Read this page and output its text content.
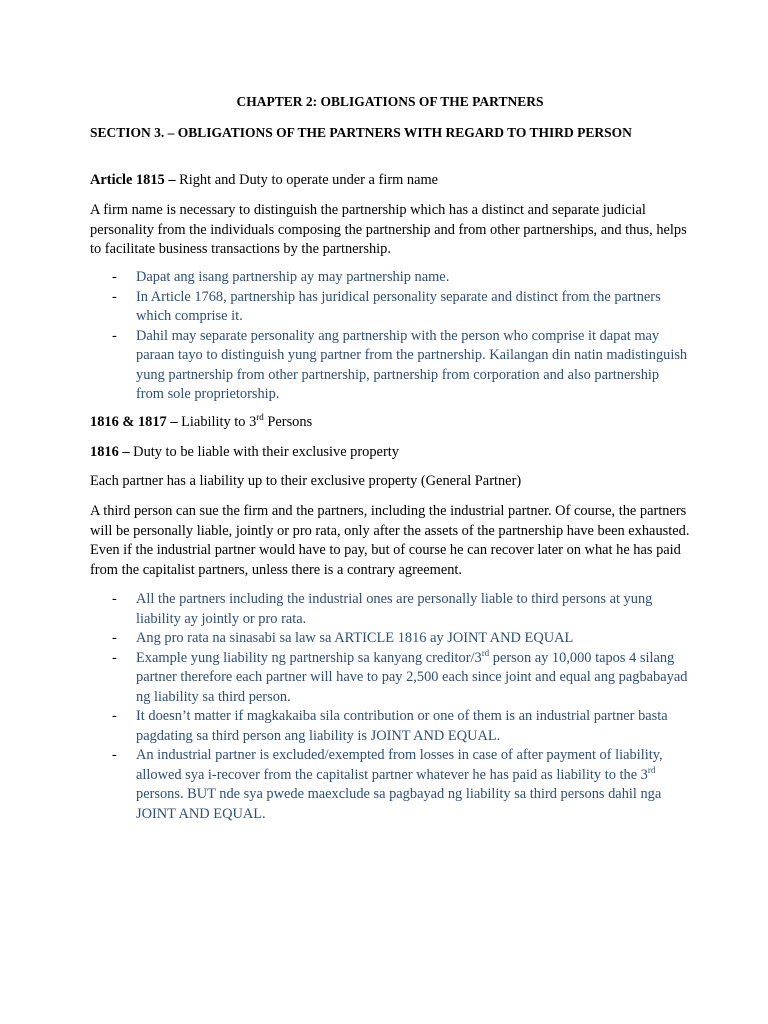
CHAPTER 2: OBLIGATIONS OF THE PARTNERS

SECTION 3. – OBLIGATIONS OF THE PARTNERS WITH REGARD TO THIRD PERSON

Article 1815 – Right and Duty to operate under a firm name

A firm name is necessary to distinguish the partnership which has a distinct and separate judicial personality from the individuals composing the partnership and from other partnerships, and thus, helps to facilitate business transactions by the partnership.

- Dapat ang isang partnership ay may partnership name.
- In Article 1768, partnership has juridical personality separate and distinct from the partners which comprise it.
- Dahil may separate personality ang partnership with the person who comprise it dapat may paraan tayo to distinguish yung partner from the partnership. Kailangan din natin madistinguish yung partnership from other partnership, partnership from corporation and also partnership from sole proprietorship.

1816 & 1817 – Liability to 3rd Persons

1816 – Duty to be liable with their exclusive property

Each partner has a liability up to their exclusive property (General Partner)

A third person can sue the firm and the partners, including the industrial partner. Of course, the partners will be personally liable, jointly or pro rata, only after the assets of the partnership have been exhausted. Even if the industrial partner would have to pay, but of course he can recover later on what he has paid from the capitalist partners, unless there is a contrary agreement.

- All the partners including the industrial ones are personally liable to third persons at yung liability ay jointly or pro rata.
- Ang pro rata na sinasabi sa law sa ARTICLE 1816 ay JOINT AND EQUAL
- Example yung liability ng partnership sa kanyang creditor/3rd person ay 10,000 tapos 4 silang partner therefore each partner will have to pay 2,500 each since joint and equal ang pagbabayad ng liability sa third person.
- It doesn’t matter if magkakaiba sila contribution or one of them is an industrial partner basta pagdating sa third person ang liability is JOINT AND EQUAL.
- An industrial partner is excluded/exempted from losses in case of after payment of liability, allowed sya i-recover from the capitalist partner whatever he has paid as liability to the 3rd persons. BUT nde sya pwede maexclude sa pagbayad ng liability sa third persons dahil nga JOINT AND EQUAL.
